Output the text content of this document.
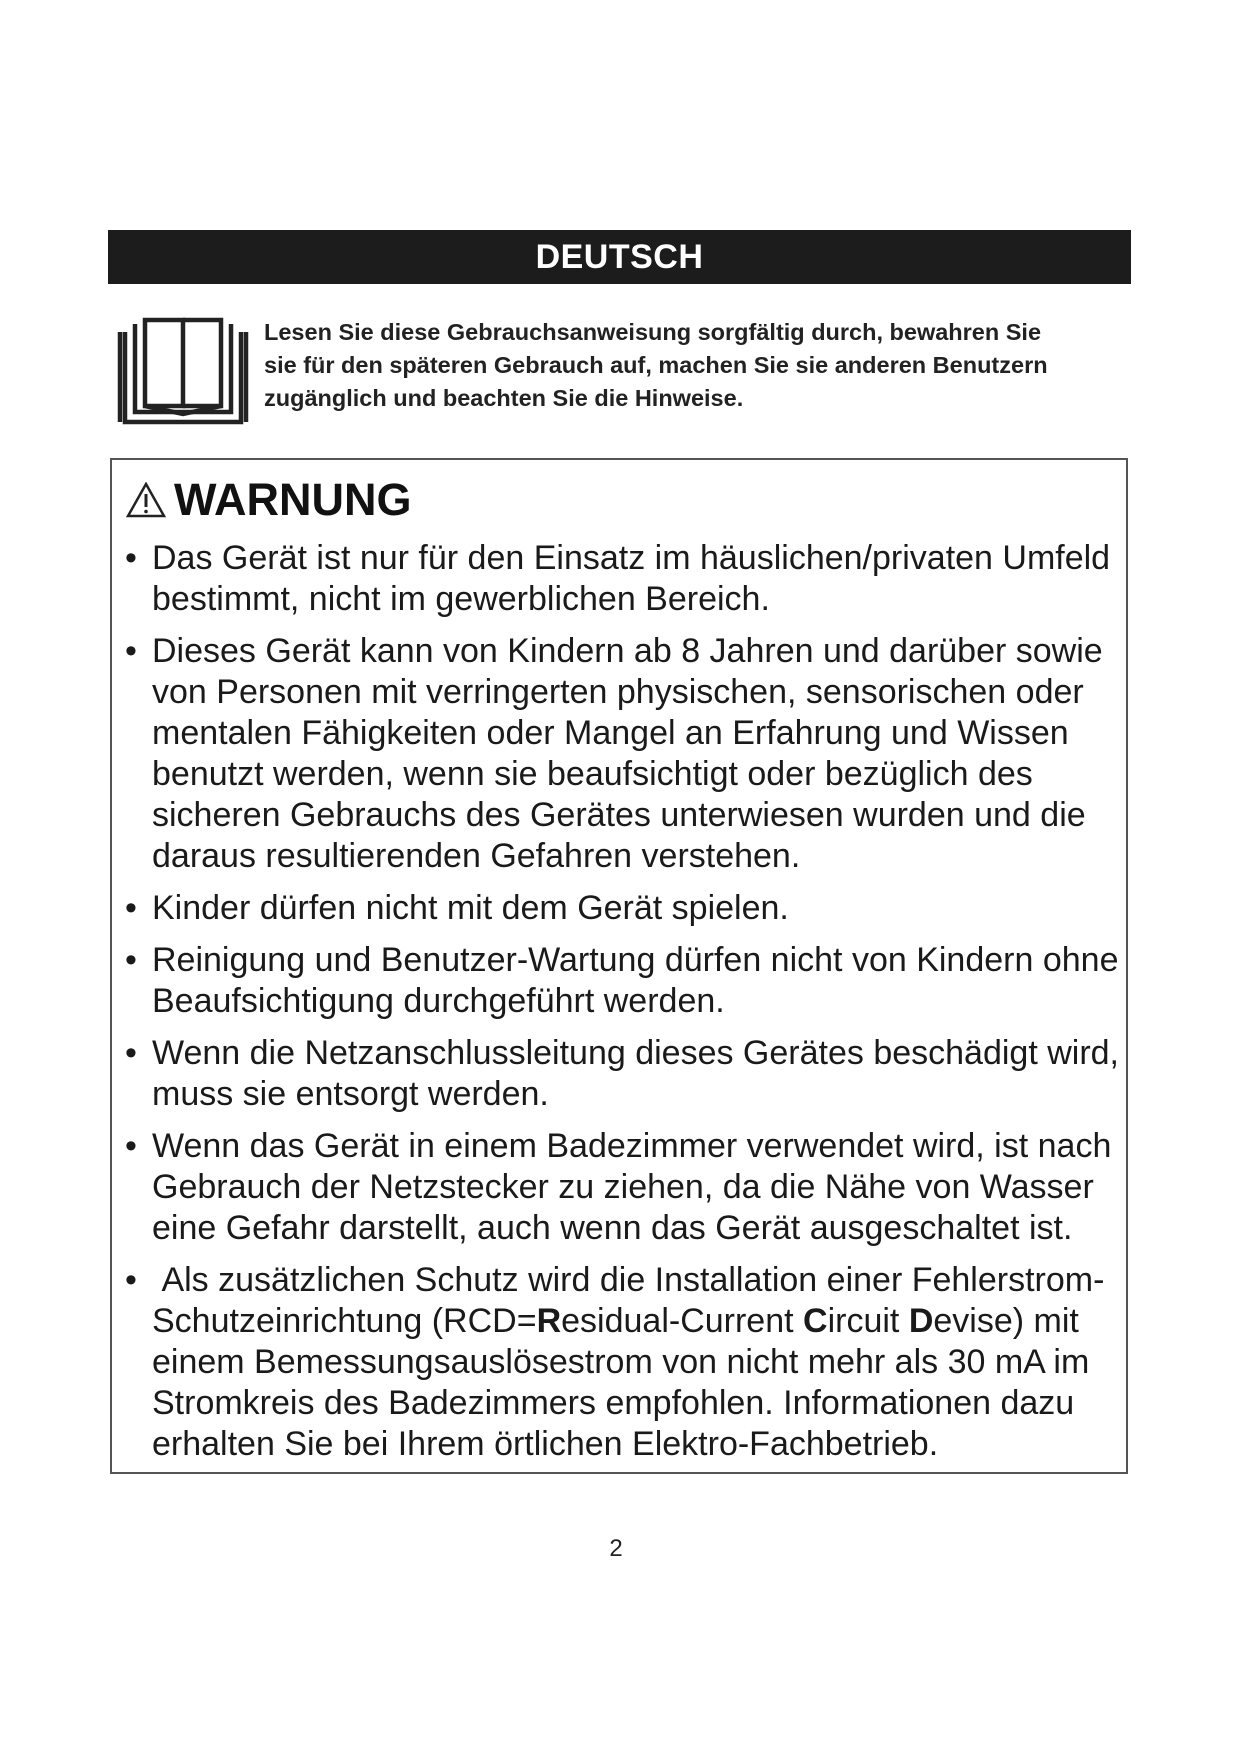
DEUTSCH
Lesen Sie diese Gebrauchsanweisung sorgfältig durch, bewahren Sie
sie für den späteren Gebrauch auf, machen Sie sie anderen Benutzern
zugänglich und beachten Sie die Hinweise.
WARNUNG
• Das Gerät ist nur für den Einsatz im häuslichen/privaten Umfeld bestimmt, nicht im gewerblichen Bereich.
• Dieses Gerät kann von Kindern ab 8 Jahren und darüber sowie von Personen mit verringerten physischen, sensorischen oder mentalen Fähigkeiten oder Mangel an Erfahrung und Wissen benutzt werden, wenn sie beaufsichtigt oder bezüglich des sicheren Gebrauchs des Gerätes unterwiesen wurden und die daraus resultierenden Gefahren verstehen.
• Kinder dürfen nicht mit dem Gerät spielen.
• Reinigung und Benutzer-Wartung dürfen nicht von Kindern ohne Beaufsichtigung durchgeführt werden.
• Wenn die Netzanschlussleitung dieses Gerätes beschädigt wird, muss sie entsorgt werden.
• Wenn das Gerät in einem Badezimmer verwendet wird, ist nach Gebrauch der Netzstecker zu ziehen, da die Nähe von Wasser eine Gefahr darstellt, auch wenn das Gerät ausgeschaltet ist.
• Als zusätzlichen Schutz wird die Installation einer Fehlerstrom-Schutzeinrichtung (RCD=Residual-Current Circuit Devise) mit einem Bemessungsauslösestrom von nicht mehr als 30 mA im Stromkreis des Badezimmers empfohlen. Informationen dazu erhalten Sie bei Ihrem örtlichen Elektro-Fachbetrieb.
2
